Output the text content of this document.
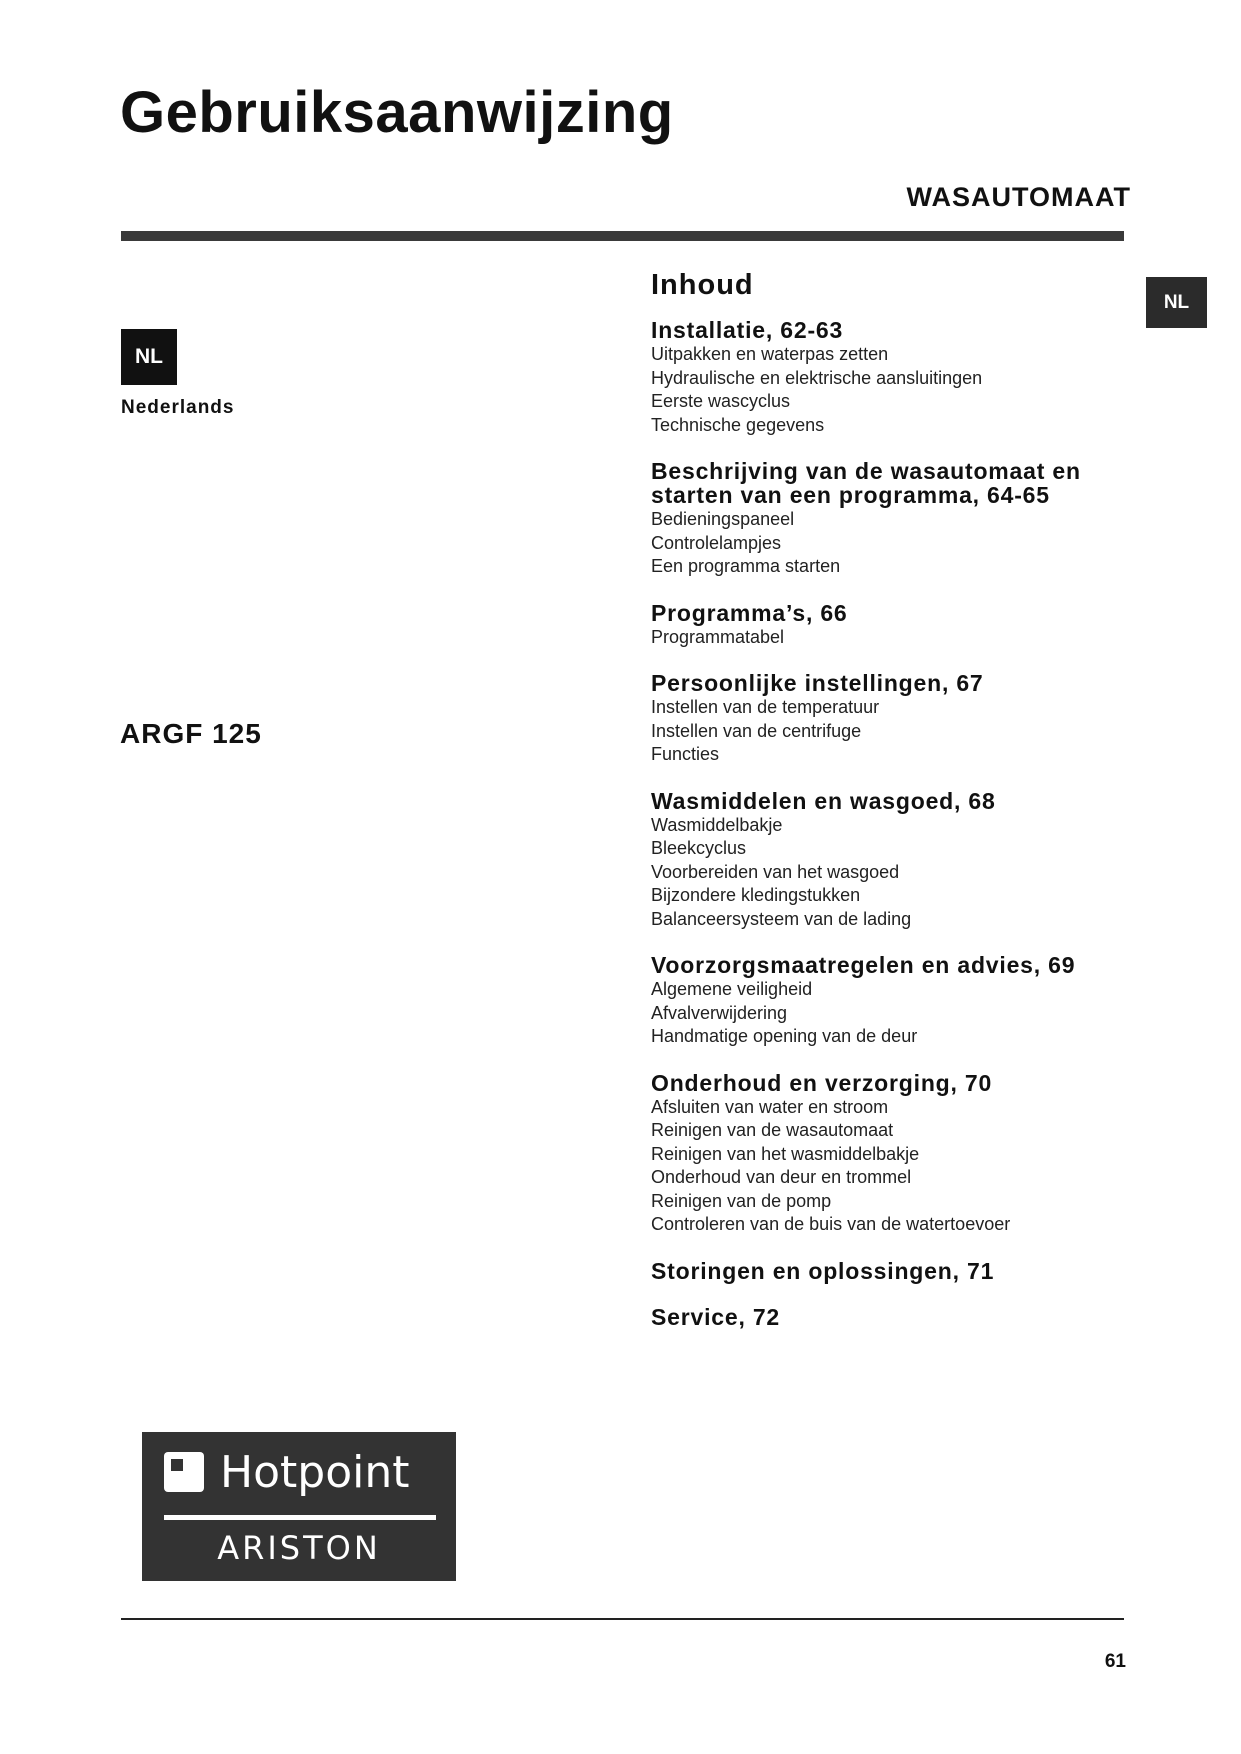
Gebruiksaanwijzing
WASAUTOMAAT
NL
NL
Nederlands
ARGF 125
Inhoud
Installatie, 62-63
Uitpakken en waterpas zetten
Hydraulische en elektrische aansluitingen
Eerste wascyclus
Technische gegevens
Beschrijving van de wasautomaat en starten van een programma, 64-65
Bedieningspaneel
Controlelampjes
Een programma starten
Programma’s, 66
Programmatabel
Persoonlijke instellingen, 67
Instellen van de temperatuur
Instellen van de centrifuge
Functies
Wasmiddelen en wasgoed, 68
Wasmiddelbakje
Bleekcyclus
Voorbereiden van het wasgoed
Bijzondere kledingstukken
Balanceersysteem van de lading
Voorzorgsmaatregelen en advies, 69
Algemene veiligheid
Afvalverwijdering
Handmatige opening van de deur
Onderhoud en verzorging, 70
Afsluiten van water en stroom
Reinigen van de wasautomaat
Reinigen van het wasmiddelbakje
Onderhoud van deur en trommel
Reinigen van de pomp
Controleren van de buis van de watertoevoer
Storingen en oplossingen, 71
Service, 72
Hotpoint
ARISTON
61
